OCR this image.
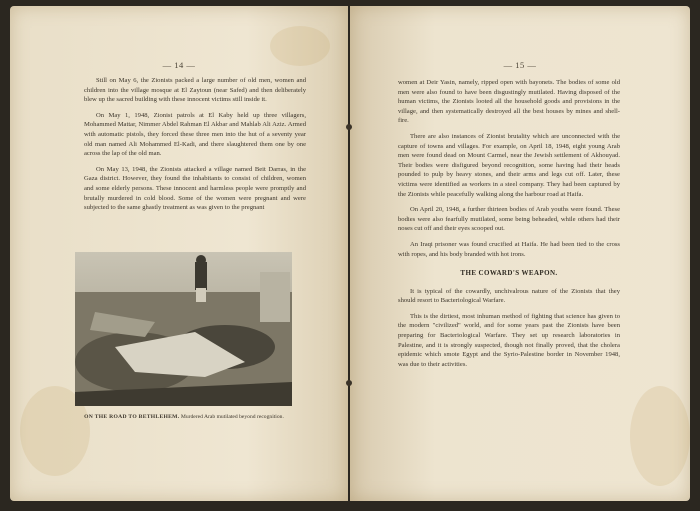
— 14 —

Still on May 6, the Zionists packed a large number of old men, women and children into the village mosque at El Zaytoun (near Safed) and then deliberately blew up the sacred building with these innocent victims still inside it.

On May 1, 1948, Zionist patrols at El Kaby held up three villagers, Mohammed Mattar, Nimmer Abdel Rahman El Akbar and Mahlab Ali Aziz. Armed with automatic pistols, they forced these three men into the hut of a seventy year old man named Ali Mohammed El-Kadi, and there slaughtered them one by one across the lap of the old man.

On May 13, 1948, the Zionists attacked a village named Beit Darras, in the Gaza district. However, they found the inhabitants to consist of children, women and some elderly persons. These innocent and harmless people were promptly and brutally murdered in cold blood. Some of the women were pregnant and were subjected to the same ghastly treatment as was given to the pregnant

ON THE ROAD TO BETHLEHEM. Murdered Arab mutilated beyond recognition.
— 15 —

women at Deir Yasin, namely, ripped open with bayonets. The bodies of some old men were also found to have been disgustingly mutilated. Having disposed of the human victims, the Zionists looted all the household goods and provisions in the village, and then systematically destroyed all the best houses by mines and shell-fire.

There are also instances of Zionist brutality which are unconnected with the capture of towns and villages. For example, on April 18, 1948, eight young Arab men were found dead on Mount Carmel, near the Jewish settlement of Akhouyad. Their bodies were disfigured beyond recognition, some having had their heads pounded to pulp by heavy stones, and their arms and legs cut off. Later, these victims were identified as workers in a steel company. They had been captured by the Zionists while peacefully walking along the harbour road at Haifa.

On April 20, 1948, a further thirteen bodies of Arab youths were found. These bodies were also fearfully mutilated, some being beheaded, while others had their noses cut off and their eyes scooped out.

An Iraqi prisoner was found crucified at Haifa. He had been tied to the cross with ropes, and his body branded with hot irons.

THE COWARD'S WEAPON.

It is typical of the cowardly, unchivalrous nature of the Zionists that they should resort to Bacteriological Warfare.

This is the dirtiest, most inhuman method of fighting that science has given to the modern "civilized" world, and for some years past the Zionists have been preparing for Bacteriological Warfare. They set up research laboratories in Palestine, and it is strongly suspected, though not finally proved, that the cholera epidemic which smote Egypt and the Syrio-Palestine border in November 1948, was due to their activities.
